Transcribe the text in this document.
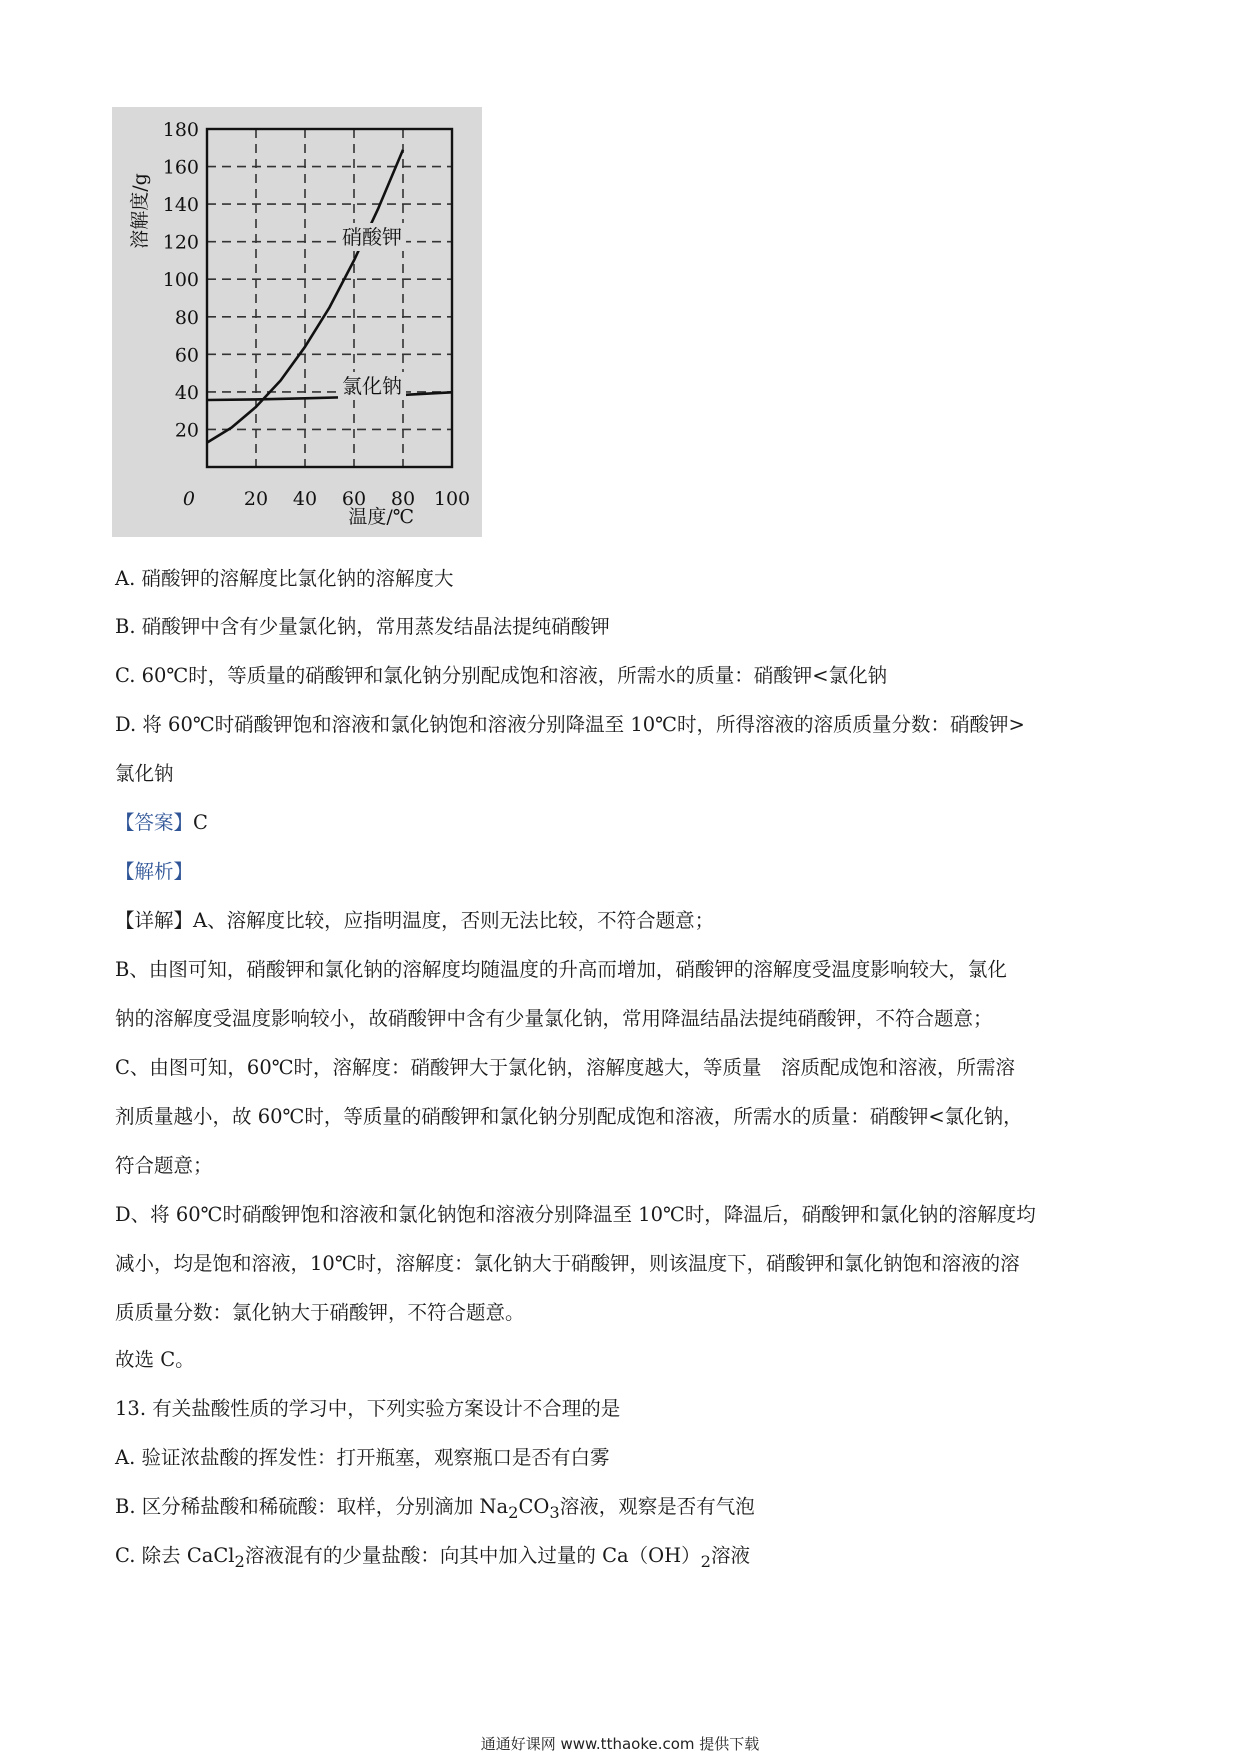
20
40
60
80
100
120
140
160
180
0	20 40 60 80 100
温度/℃
溶解度/g	硝酸钾
氯化钠
A. 硝酸钾的溶解度比氯化钠的溶解度大
B. 硝酸钾中含有少量氯化钠，常用蒸发结晶法提纯硝酸钾
C. 60℃时，等质量的硝酸钾和氯化钠分别配成饱和溶液，所需水的质量：硝酸钾<氯化钠
D. 将 60℃时硝酸钾饱和溶液和氯化钠饱和溶液分别降温至 10℃时，所得溶液的溶质质量分数：硝酸钾>
氯化钠
【答案】C
【解析】
【详解】A、溶解度比较，应指明温度，否则无法比较，不符合题意；
B、由图可知，硝酸钾和氯化钠的溶解度均随温度的升高而增加，硝酸钾的溶解度受温度影响较大，氯化
钠的溶解度受温度影响较小，故硝酸钾中含有少量氯化钠，常用降温结晶法提纯硝酸钾，不符合题意；
C、由图可知，60℃时，溶解度：硝酸钾大于氯化钠，溶解度越大，等质量　溶质配成饱和溶液，所需溶
剂质量越小，故 60℃时，等质量的硝酸钾和氯化钠分别配成饱和溶液，所需水的质量：硝酸钾<氯化钠，
符合题意；
D、将 60℃时硝酸钾饱和溶液和氯化钠饱和溶液分别降温至 10℃时，降温后，硝酸钾和氯化钠的溶解度均
减小，均是饱和溶液，10℃时，溶解度：氯化钠大于硝酸钾，则该温度下，硝酸钾和氯化钠饱和溶液的溶
质质量分数：氯化钠大于硝酸钾，不符合题意。
故选 C。
13. 有关盐酸性质的学习中，下列实验方案设计不合理的是
A. 验证浓盐酸的挥发性：打开瓶塞，观察瓶口是否有白雾
B. 区分稀盐酸和稀硫酸：取样，分别滴加 $Na_2CO_3$溶液，观察是否有气泡
C. 除去 CaCl$_2$溶液混有的少量盐酸：向其中加入过量的 $Ca(OH)_2$溶液
通通好课网 www.tthaoke.com 提供下载
